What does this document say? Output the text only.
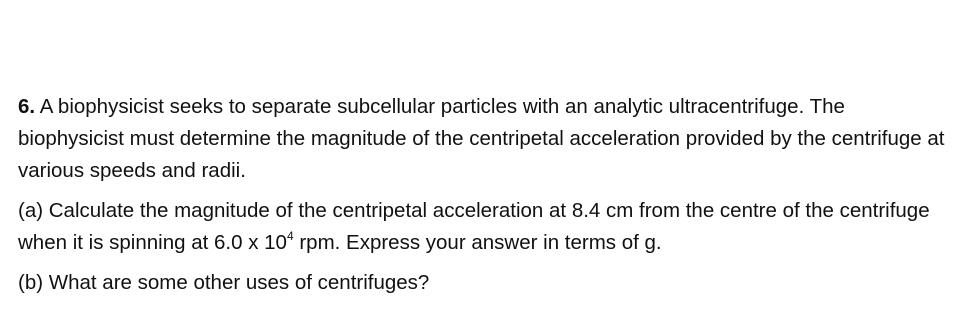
6. A biophysicist seeks to separate subcellular particles with an analytic ultracentrifuge. The biophysicist must determine the magnitude of the centripetal acceleration provided by the centrifuge at various speeds and radii.

(a) Calculate the magnitude of the centripetal acceleration at 8.4 cm from the centre of the centrifuge when it is spinning at 6.0 x $10^4$ rpm. Express your answer in terms of g.

(b) What are some other uses of centrifuges?
